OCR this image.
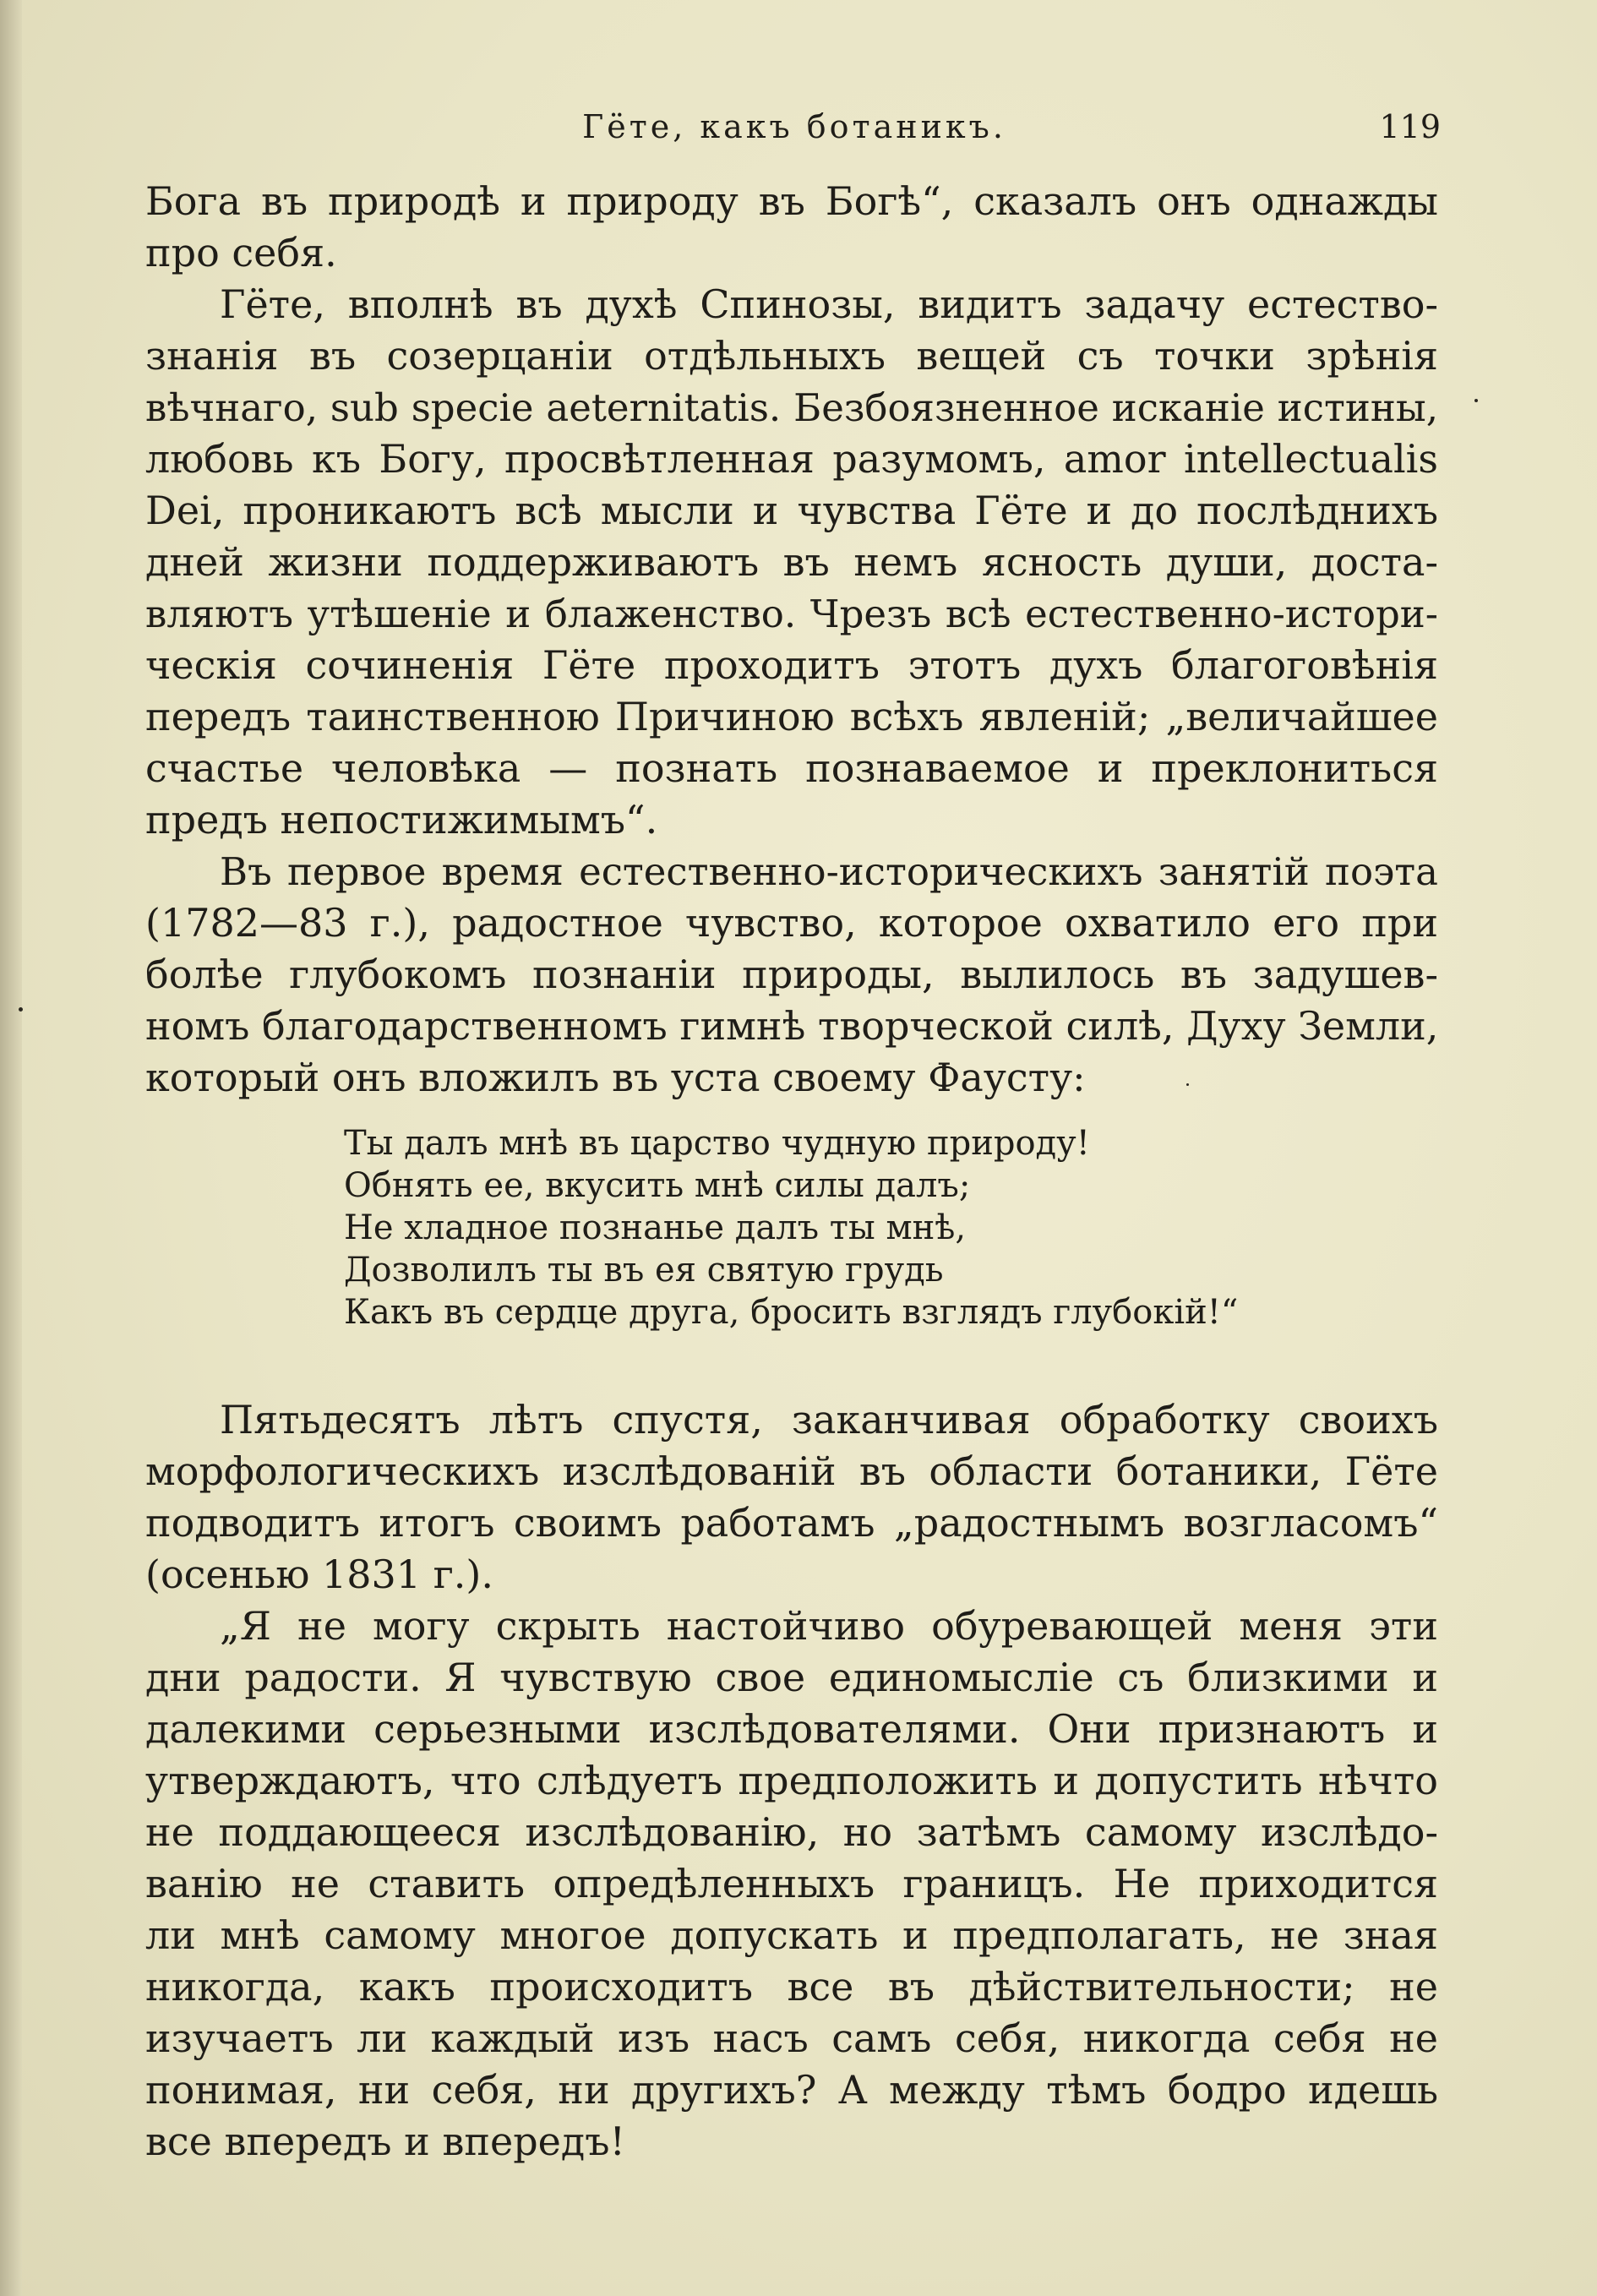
Гёте, какъ ботаникъ.	119
Бога въ природѣ и природу въ Богѣ“, сказалъ онъ однажды
про себя.
Гёте, вполнѣ въ духѣ Спинозы, видитъ задачу естество-
знанія въ созерцаніи отдѣльныхъ вещей съ точки зрѣнія
вѣчнаго, sub specie aeternitatis. Безбоязненное исканіе истины,
любовь къ Богу, просвѣтленная разумомъ, amor intellectualis
Dei, проникаютъ всѣ мысли и чувства Гёте и до послѣднихъ
дней жизни поддерживаютъ въ немъ ясность души, доста-
вляютъ утѣшеніе и блаженство. Чрезъ всѣ естественно-истори-
ческія сочиненія Гёте проходитъ этотъ духъ благоговѣнія
передъ таинственною Причиною всѣхъ явленій; „величайшее
счастье человѣка — познать познаваемое и преклониться
предъ непостижимымъ“.
Въ первое время естественно-историческихъ занятій поэта
(1782—83 г.), радостное чувство, которое охватило его при
болѣе глубокомъ познаніи природы, вылилось въ задушев-
номъ благодарственномъ гимнѣ творческой силѣ, Духу Земли,
который онъ вложилъ въ уста своему Фаусту:
Ты далъ мнѣ въ царство чудную природу!
Обнять ее, вкусить мнѣ силы далъ;
Не хладное познанье далъ ты мнѣ,
Дозволилъ ты въ ея святую грудь
Какъ въ сердце друга, бросить взглядъ глубокій!“
Пятьдесятъ лѣтъ спустя, заканчивая обработку своихъ
морфологическихъ изслѣдованій въ области ботаники, Гёте
подводитъ итогъ своимъ работамъ „радостнымъ возгласомъ“
(осенью 1831 г.).
„Я не могу скрыть настойчиво обуревающей меня эти
дни радости. Я чувствую свое единомысліе съ близкими и
далекими серьезными изслѣдователями. Они признаютъ и
утверждаютъ, что слѣдуетъ предположить и допустить нѣчто
не поддающееся изслѣдованію, но затѣмъ самому изслѣдо-
ванію не ставить опредѣленныхъ границъ. Не приходится
ли мнѣ самому многое допускать и предполагать, не зная
никогда, какъ происходитъ все въ дѣйствительности; не
изучаетъ ли каждый изъ насъ самъ себя, никогда себя не
понимая, ни себя, ни другихъ? А между тѣмъ бодро идешь
все впередъ и впередъ!
